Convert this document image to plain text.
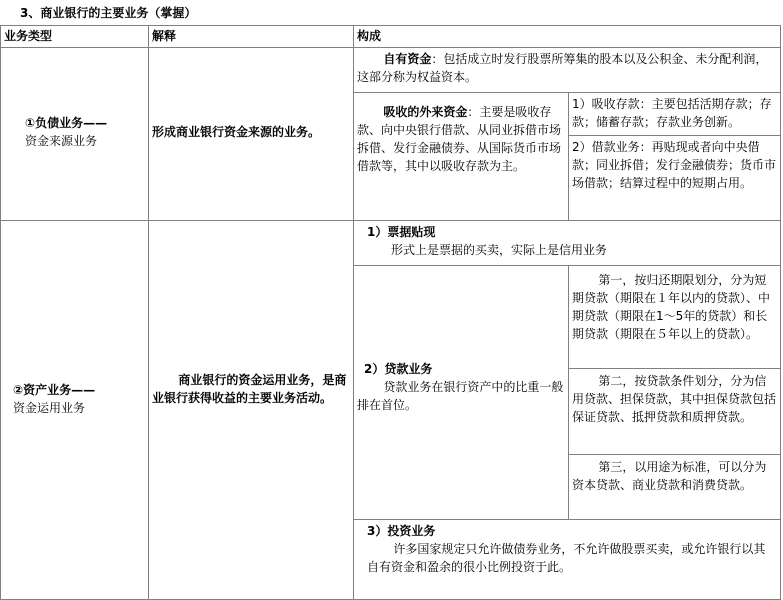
3、商业银行的主要业务（掌握）
业务类型	解释	构成
①负债业务——
资金来源业务
形成商业银行资金来源的业务。
自有资金：包括成立时发行股票所筹集的股本以及公积金、未分配利润，这部分称为权益资本。
吸收的外来资金：主要是吸收存款、向中央银行借款、从同业拆借市场拆借、发行金融债券、从国际货币市场借款等，其中以吸收存款为主。
1）吸收存款：主要包括活期存款；存款；储蓄存款；存款业务创新。
2）借款业务：再贴现或者向中央借款；同业拆借；发行金融债券；货币市场借款；结算过程中的短期占用。
②资产业务——
资金运用业务
商业银行的资金运用业务，是商业银行获得收益的主要业务活动。
1）票据贴现
形式上是票据的买卖，实际上是信用业务
2）贷款业务
贷款业务在银行资产中的比重一般排在首位。
第一，按归还期限划分，分为短期贷款（期限在１年以内的贷款）、中期贷款（期限在1～5年的贷款）和长期贷款（期限在５年以上的贷款）。
第二，按贷款条件划分，分为信用贷款、担保贷款，其中担保贷款包括保证贷款、抵押贷款和质押贷款。
第三，以用途为标准，可以分为资本贷款、商业贷款和消费贷款。
3）投资业务
许多国家规定只允许做债券业务，不允许做股票买卖，或允许银行以其自有资金和盈余的很小比例投资于此。
